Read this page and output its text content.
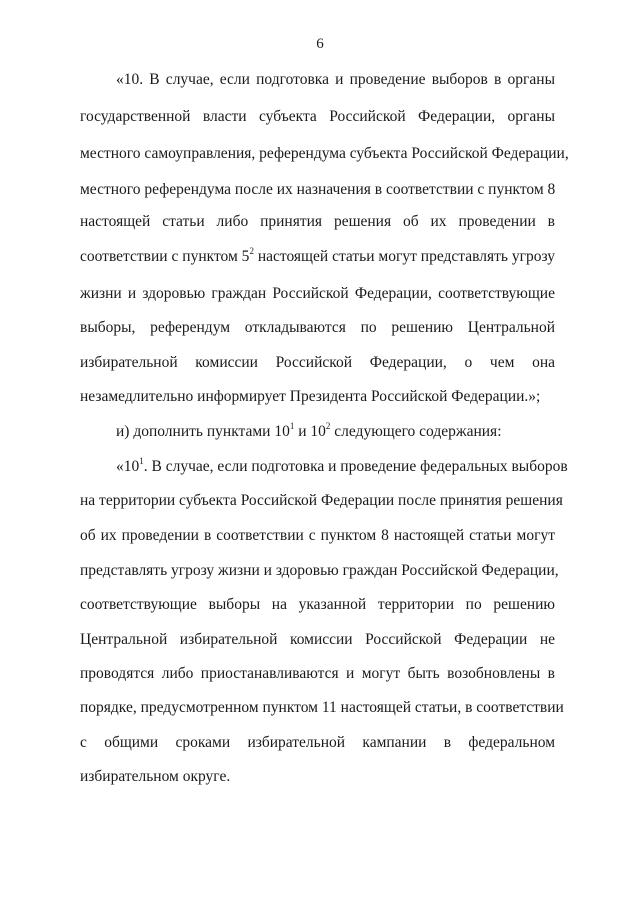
6
«10. В случае, если подготовка и проведение выборов в органы
государственной власти субъекта Российской Федерации, органы
местного самоуправления, референдума субъекта Российской Федерации,
местного референдума после их назначения в соответствии с пунктом 8
настоящей статьи либо принятия решения об их проведении в
соответствии с пунктом $5^2$ настоящей статьи могут представлять угрозу
жизни и здоровью граждан Российской Федерации, соответствующие
выборы, референдум откладываются по решению Центральной
избирательной комиссии Российской Федерации, о чем она
незамедлительно информирует Президента Российской Федерации.»;
и) дополнить пунктами $10^1$ и $10^2$ следующего содержания:
«$10^1$. В случае, если подготовка и проведение федеральных выборов
на территории субъекта Российской Федерации после принятия решения
об их проведении в соответствии с пунктом 8 настоящей статьи могут
представлять угрозу жизни и здоровью граждан Российской Федерации,
соответствующие выборы на указанной территории по решению
Центральной избирательной комиссии Российской Федерации не
проводятся либо приостанавливаются и могут быть возобновлены в
порядке, предусмотренном пунктом 11 настоящей статьи, в соответствии
с общими сроками избирательной кампании в федеральном
избирательном округе.
